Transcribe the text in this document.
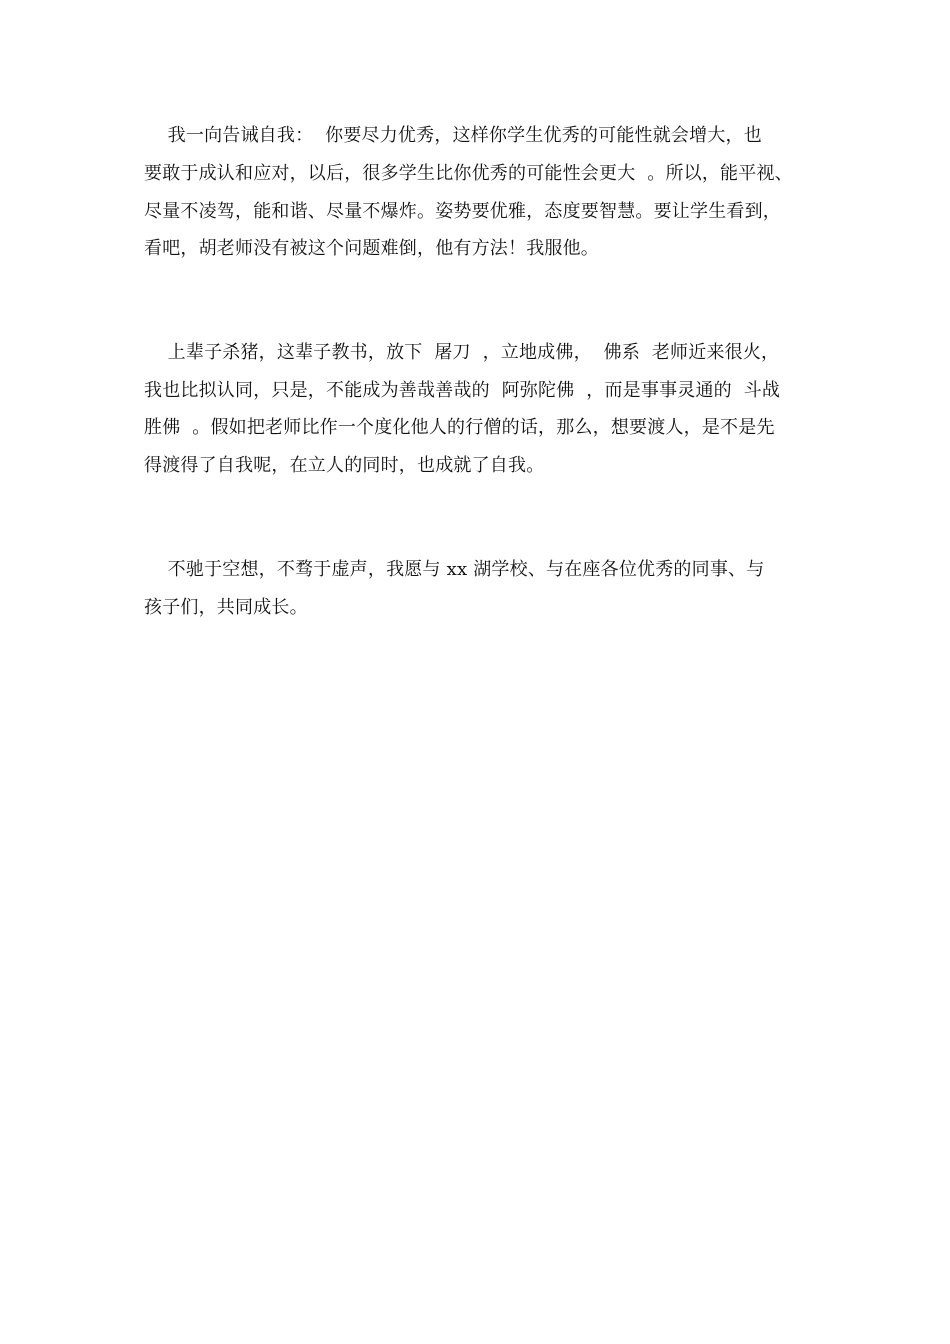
我一向告诫自我：  你要尽力优秀，这样你学生优秀的可能性就会增大，也
要敢于成认和应对，以后，很多学生比你优秀的可能性会更大  。所以，能平视、
尽量不凌驾，能和谐、尽量不爆炸。姿势要优雅，态度要智慧。要让学生看到，
看吧，胡老师没有被这个问题难倒，他有方法！我服他。
上辈子杀猪，这辈子教书，放下  屠刀  ，立地成佛，  佛系  老师近来很火，
我也比拟认同，只是，不能成为善哉善哉的  阿弥陀佛  ，而是事事灵通的  斗战
胜佛  。假如把老师比作一个度化他人的行僧的话，那么，想要渡人，是不是先
得渡得了自我呢，在立人的同时，也成就了自我。
不驰于空想，不骛于虚声，我愿与 xx 湖学校、与在座各位优秀的同事、与
孩子们，共同成长。
